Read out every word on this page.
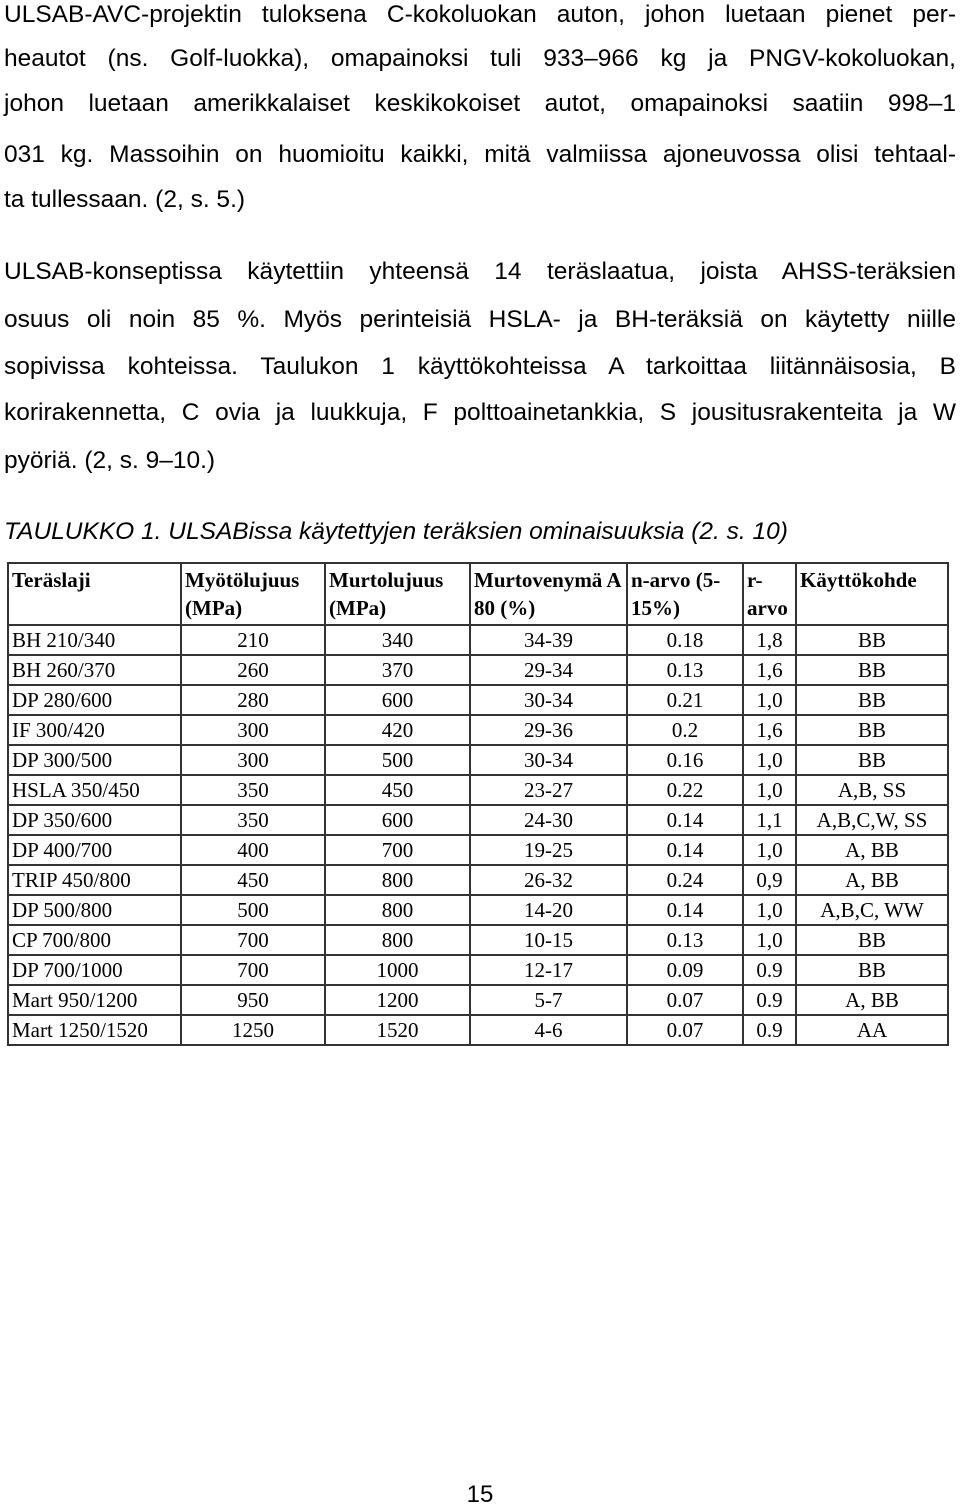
ULSAB-AVC-projektin tuloksena C-kokoluokan auton, johon luetaan pienet per-
heautot (ns. Golf-luokka), omapainoksi tuli 933–966 kg ja PNGV-kokoluokan,
johon luetaan amerikkalaiset keskikokoiset autot, omapainoksi saatiin 998–1
031 kg. Massoihin on huomioitu kaikki, mitä valmiissa ajoneuvossa olisi tehtaal-
ta tullessaan. (2, s. 5.)
ULSAB-konseptissa käytettiin yhteensä 14 teräslaatua, joista AHSS-teräksien
osuus oli noin 85 %. Myös perinteisiä HSLA- ja BH-teräksiä on käytetty niille
sopivissa kohteissa. Taulukon 1 käyttökohteissa A tarkoittaa liitännäisosia, B
korirakennetta, C ovia ja luukkuja, F polttoainetankkia, S jousitusrakenteita ja W
pyöriä. (2, s. 9–10.)
TAULUKKO 1. ULSABissa käytettyjen teräksien ominaisuuksia (2. s. 10)
Teräslaji	Myötölujuus (MPa)	Murtolujuus (MPa)	Murtovenymä A 80 (%)	n-arvo (5-15%)	r-arvo	Käyttökohde
BH 210/340	210	340	34-39	0.18	1,8	BB
BH 260/370	260	370	29-34	0.13	1,6	BB
DP 280/600	280	600	30-34	0.21	1,0	BB
IF 300/420	300	420	29-36	0.2	1,6	BB
DP 300/500	300	500	30-34	0.16	1,0	BB
HSLA 350/450	350	450	23-27	0.22	1,0	A,B, SS
DP 350/600	350	600	24-30	0.14	1,1	A,B,C,W, SS
DP 400/700	400	700	19-25	0.14	1,0	A, BB
TRIP 450/800	450	800	26-32	0.24	0,9	A, BB
DP 500/800	500	800	14-20	0.14	1,0	A,B,C, WW
CP 700/800	700	800	10-15	0.13	1,0	BB
DP 700/1000	700	1000	12-17	0.09	0.9	BB
Mart 950/1200	950	1200	5-7	0.07	0.9	A, BB
Mart 1250/1520	1250	1520	4-6	0.07	0.9	AA
15
